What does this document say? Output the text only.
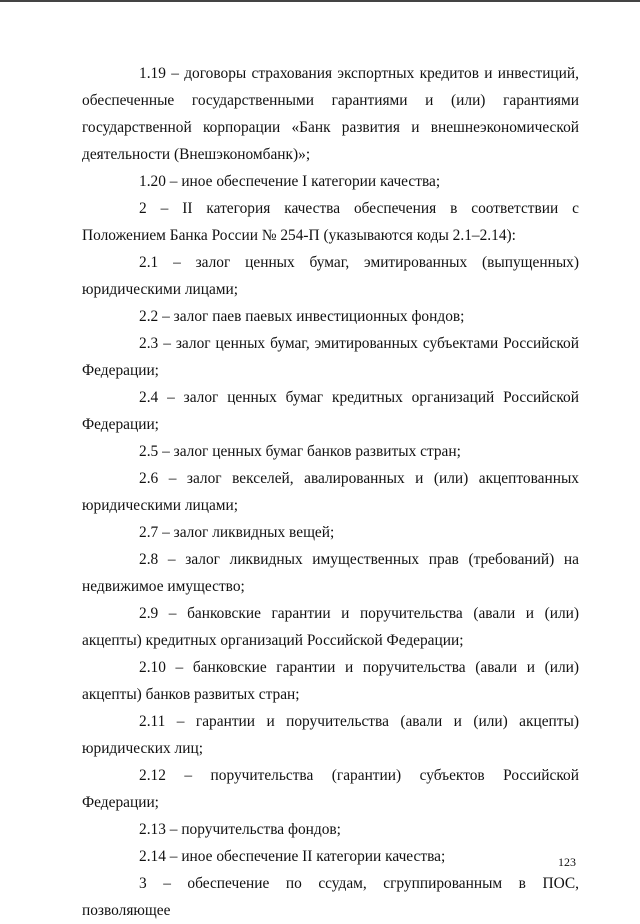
1.19 – договоры страхования экспортных кредитов и инвестиций, обеспеченные государственными гарантиями и (или) гарантиями государственной корпорации «Банк развития и внешнеэкономической деятельности (Внешэкономбанк)»;

1.20 – иное обеспечение I категории качества;

2 – II категория качества обеспечения в соответствии с Положением Банка России № 254-П (указываются коды 2.1–2.14):

2.1 – залог ценных бумаг, эмитированных (выпущенных) юридическими лицами;

2.2 – залог паев паевых инвестиционных фондов;

2.3 – залог ценных бумаг, эмитированных субъектами Российской Федерации;

2.4 – залог ценных бумаг кредитных организаций Российской Федерации;

2.5 – залог ценных бумаг банков развитых стран;

2.6 – залог векселей, авалированных и (или) акцептованных юридическими лицами;

2.7 – залог ликвидных вещей;

2.8 – залог ликвидных имущественных прав (требований) на недвижимое имущество;

2.9 – банковские гарантии и поручительства (авали и (или) акцепты) кредитных организаций Российской Федерации;

2.10 – банковские гарантии и поручительства (авали и (или) акцепты) банков развитых стран;

2.11 – гарантии и поручительства (авали и (или) акцепты) юридических лиц;

2.12 – поручительства (гарантии) субъектов Российской Федерации;

2.13 – поручительства фондов;

2.14 – иное обеспечение II категории качества;

3 – обеспечение по ссудам, сгруппированным в ПОС, позволяющее

123
